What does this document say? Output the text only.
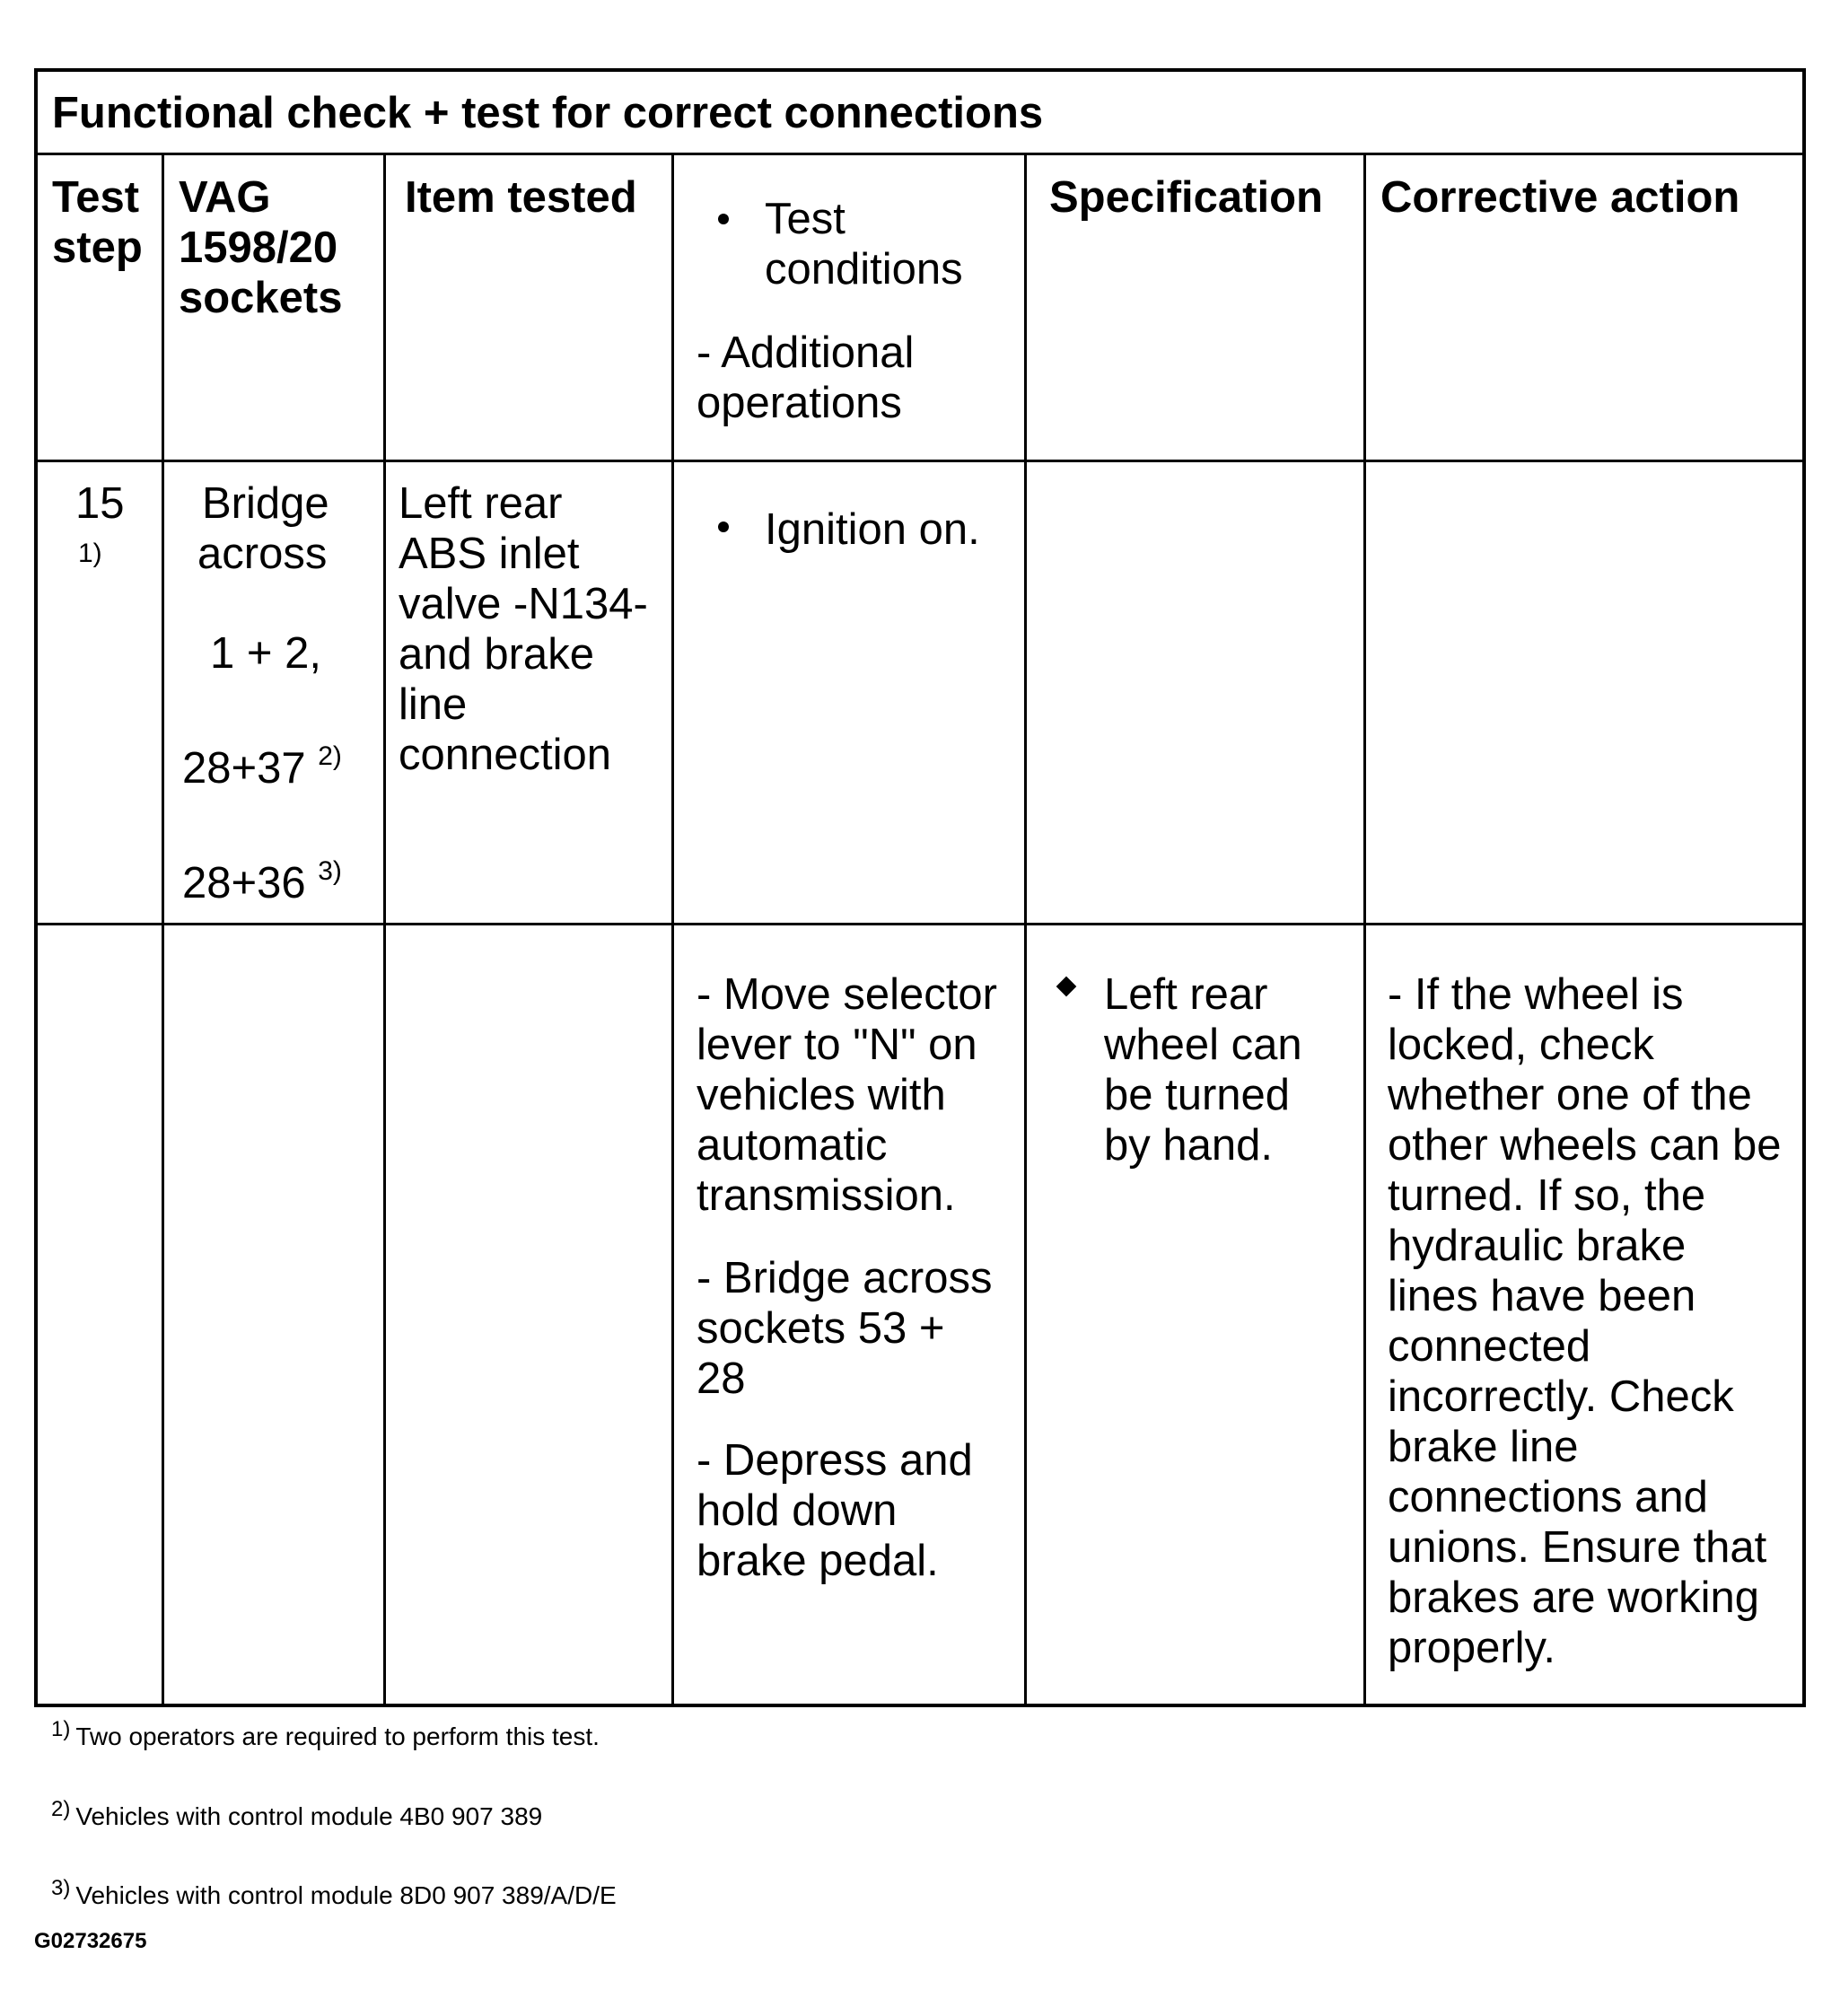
Functional check + test for correct connections
Test
step
VAG
1598/20
sockets
Item tested	Test
conditions
- Additional
operations
Specification Corrective action
15
1)
Bridge
across
1 + 2,
28+37 $^{2)}$
28+36 $^{3)}$
Left rear
ABS inlet
valve -N134-
and brake
line
connection
Ignition on.
- Move selector
lever to "N" on
vehicles with
automatic
transmission.
- Bridge across
sockets 53 +
28
- Depress and
hold down
brake pedal.
Left rear
wheel can
be turned
by hand.
- If the wheel is
locked, check
whether one of the
other wheels can be
turned. If so, the
hydraulic brake
lines have been
connected
incorrectly. Check
brake line
connections and
unions. Ensure that
brakes are working
properly.
1) Two operators are required to perform this test.
2) Vehicles with control module 4B0 907 389
3) Vehicles with control module 8D0 907 389/A/D/E
G02732675
